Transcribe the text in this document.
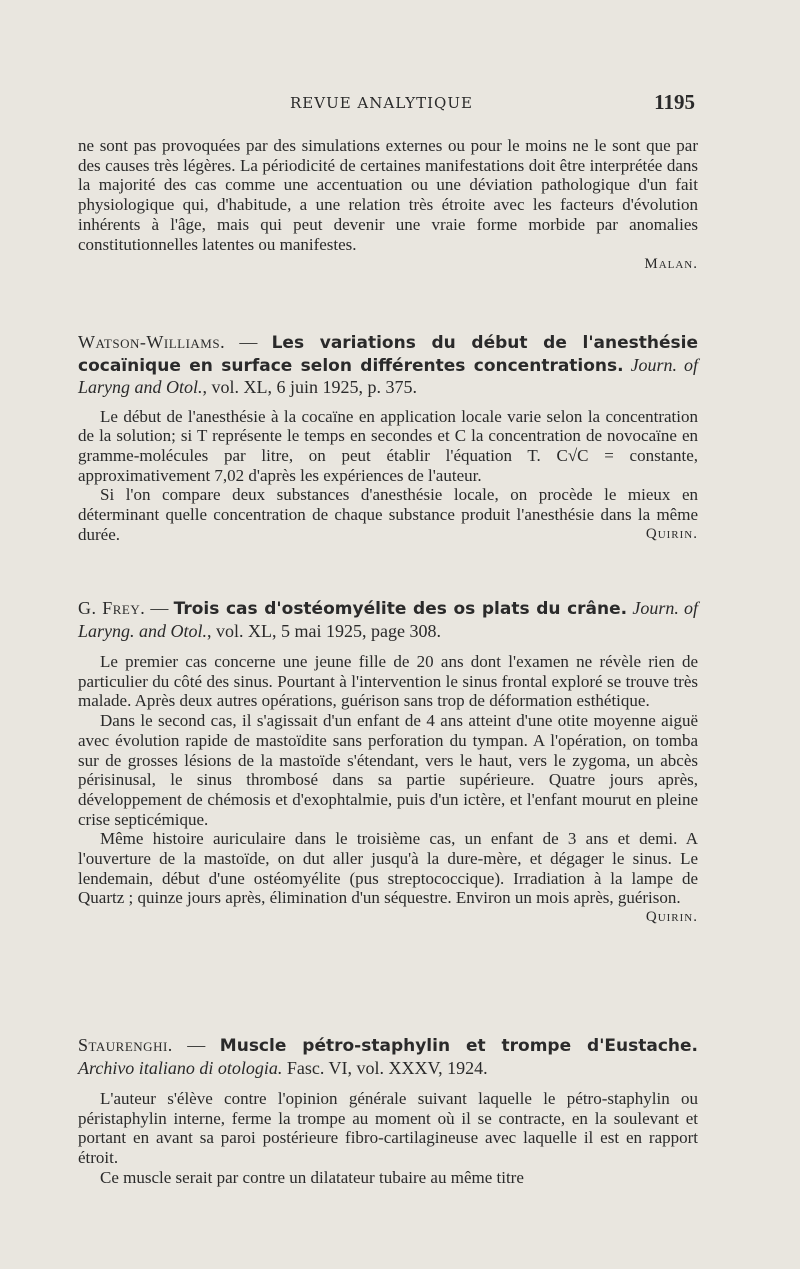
REVUE ANALYTIQUE	1195

ne sont pas provoquées par des simulations externes ou pour le moins ne le sont que par des causes très légères. La périodicité de certaines manifestations doit être interprétée dans la majorité des cas comme une accentuation ou une déviation pathologique d'un fait physiologique qui, d'habitude, a une relation très étroite avec les facteurs d'évolution inhérents à l'âge, mais qui peut devenir une vraie forme morbide par anomalies constitutionnelles latentes ou manifestes.

Malan.

Watson-Williams. — Les variations du début de l'anesthésie cocaïnique en surface selon différentes concentrations. Journ. of Laryng and Otol., vol. XL, 6 juin 1925, p. 375.

Le début de l'anesthésie à la cocaïne en application locale varie selon la concentration de la solution; si T représente le temps en secondes et C la concentration de novocaïne en gramme-molécules par litre, on peut établir l'équation T. C√C = constante, approximativement 7,02 d'après les expériences de l'auteur.

Si l'on compare deux substances d'anesthésie locale, on procède le mieux en déterminant quelle concentration de chaque substance produit l'anesthésie dans la même durée.	Quirin.

G. Frey. — Trois cas d'ostéomyélite des os plats du crâne. Journ. of Laryng. and Otol., vol. XL, 5 mai 1925, page 308.

Le premier cas concerne une jeune fille de 20 ans dont l'examen ne révèle rien de particulier du côté des sinus. Pourtant à l'intervention le sinus frontal exploré se trouve très malade. Après deux autres opérations, guérison sans trop de déformation esthétique.

Dans le second cas, il s'agissait d'un enfant de 4 ans atteint d'une otite moyenne aiguë avec évolution rapide de mastoïdite sans perforation du tympan. A l'opération, on tomba sur de grosses lésions de la mastoïde s'étendant, vers le haut, vers le zygoma, un abcès périsinusal, le sinus thrombosé dans sa partie supérieure. Quatre jours après, développement de chémosis et d'exophtalmie, puis d'un ictère, et l'enfant mourut en pleine crise septicémique.

Même histoire auriculaire dans le troisième cas, un enfant de 3 ans et demi. A l'ouverture de la mastoïde, on dut aller jusqu'à la dure-mère, et dégager le sinus. Le lendemain, début d'une ostéomyélite (pus streptococcique). Irradiation à la lampe de Quartz ; quinze jours après, élimination d'un séquestre. Environ un mois après, guérison.
Quirin.

Staurenghi. — Muscle pétro-staphylin et trompe d'Eustache. Archivo italiano di otologia. Fasc. VI, vol. XXXV, 1924.

L'auteur s'élève contre l'opinion générale suivant laquelle le pétro-staphylin ou péristaphylin interne, ferme la trompe au moment où il se contracte, en la soulevant et portant en avant sa paroi postérieure fibro-cartilagineuse avec laquelle il est en rapport étroit.

Ce muscle serait par contre un dilatateur tubaire au même titre
